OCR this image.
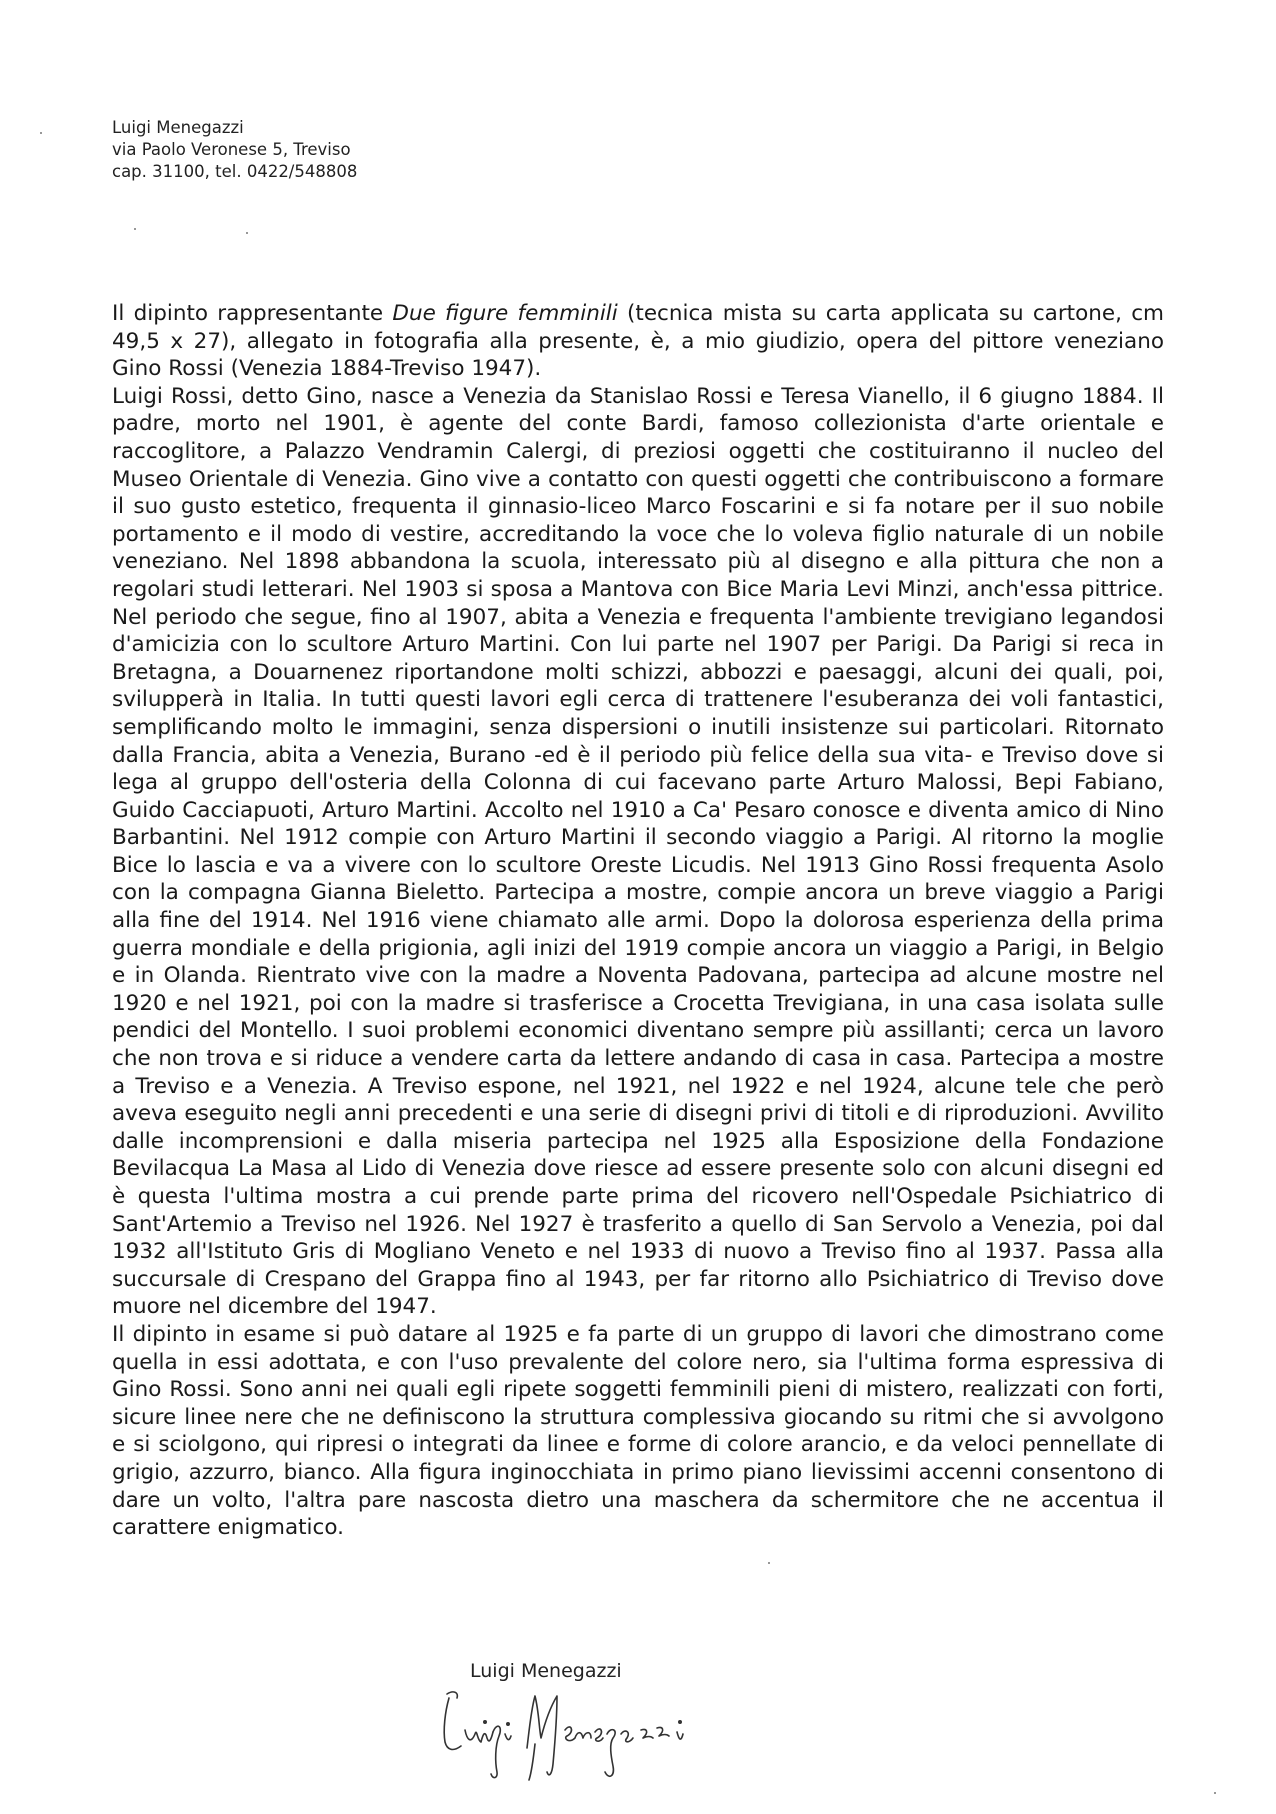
Luigi Menegazzi
via Paolo Veronese 5, Treviso
cap. 31100, tel. 0422/548808

Il dipinto rappresentante Due figure femminili (tecnica mista su carta applicata su cartone, cm 49,5 x 27), allegato in fotografia alla presente, è, a mio giudizio, opera del pittore veneziano Gino Rossi (Venezia 1884-Treviso 1947).

Luigi Rossi, detto Gino, nasce a Venezia da Stanislao Rossi e Teresa Vianello, il 6 giugno 1884. Il padre, morto nel 1901, è agente del conte Bardi, famoso collezionista d'arte orientale e raccoglitore, a Palazzo Vendramin Calergi, di preziosi oggetti che costituiranno il nucleo del Museo Orientale di Venezia. Gino vive a contatto con questi oggetti che contribuiscono a formare il suo gusto estetico, frequenta il ginnasio-liceo Marco Foscarini e si fa notare per il suo nobile portamento e il modo di vestire, accreditando la voce che lo voleva figlio naturale di un nobile veneziano. Nel 1898 abbandona la scuola, interessato più al disegno e alla pittura che non a regolari studi letterari. Nel 1903 si sposa a Mantova con Bice Maria Levi Minzi, anch'essa pittrice. Nel periodo che segue, fino al 1907, abita a Venezia e frequenta l'ambiente trevigiano legandosi d'amicizia con lo scultore Arturo Martini. Con lui parte nel 1907 per Parigi. Da Parigi si reca in Bretagna, a Douarnenez riportandone molti schizzi, abbozzi e paesaggi, alcuni dei quali, poi, svilupperà in Italia. In tutti questi lavori egli cerca di trattenere l'esuberanza dei voli fantastici, semplificando molto le immagini, senza dispersioni o inutili insistenze sui particolari. Ritornato dalla Francia, abita a Venezia, Burano -ed è il periodo più felice della sua vita- e Treviso dove si lega al gruppo dell'osteria della Colonna di cui facevano parte Arturo Malossi, Bepi Fabiano, Guido Cacciapuoti, Arturo Martini. Accolto nel 1910 a Ca' Pesaro conosce e diventa amico di Nino Barbantini. Nel 1912 compie con Arturo Martini il secondo viaggio a Parigi. Al ritorno la moglie Bice lo lascia e va a vivere con lo scultore Oreste Licudis. Nel 1913 Gino Rossi frequenta Asolo con la compagna Gianna Bieletto. Partecipa a mostre, compie ancora un breve viaggio a Parigi alla fine del 1914. Nel 1916 viene chiamato alle armi. Dopo la dolorosa esperienza della prima guerra mondiale e della prigionia, agli inizi del 1919 compie ancora un viaggio a Parigi, in Belgio e in Olanda. Rientrato vive con la madre a Noventa Padovana, partecipa ad alcune mostre nel 1920 e nel 1921, poi con la madre si trasferisce a Crocetta Trevigiana, in una casa isolata sulle pendici del Montello. I suoi problemi economici diventano sempre più assillanti; cerca un lavoro che non trova e si riduce a vendere carta da lettere andando di casa in casa. Partecipa a mostre a Treviso e a Venezia. A Treviso espone, nel 1921, nel 1922 e nel 1924, alcune tele che però aveva eseguito negli anni precedenti e una serie di disegni privi di titoli e di riproduzioni. Avvilito dalle incomprensioni e dalla miseria partecipa nel 1925 alla Esposizione della Fondazione Bevilacqua La Masa al Lido di Venezia dove riesce ad essere presente solo con alcuni disegni ed è questa l'ultima mostra a cui prende parte prima del ricovero nell'Ospedale Psichiatrico di Sant'Artemio a Treviso nel 1926. Nel 1927 è trasferito a quello di San Servolo a Venezia, poi dal 1932 all'Istituto Gris di Mogliano Veneto e nel 1933 di nuovo a Treviso fino al 1937. Passa alla succursale di Crespano del Grappa fino al 1943, per far ritorno allo Psichiatrico di Treviso dove muore nel dicembre del 1947.

Il dipinto in esame si può datare al 1925 e fa parte di un gruppo di lavori che dimostrano come quella in essi adottata, e con l'uso prevalente del colore nero, sia l'ultima forma espressiva di Gino Rossi. Sono anni nei quali egli ripete soggetti femminili pieni di mistero, realizzati con forti, sicure linee nere che ne definiscono la struttura complessiva giocando su ritmi che si avvolgono e si sciolgono, qui ripresi o integrati da linee e forme di colore arancio, e da veloci pennellate di grigio, azzurro, bianco. Alla figura inginocchiata in primo piano lievissimi accenni consentono di dare un volto, l'altra pare nascosta dietro una maschera da schermitore che ne accentua il carattere enigmatico.

Luigi Menegazzi
